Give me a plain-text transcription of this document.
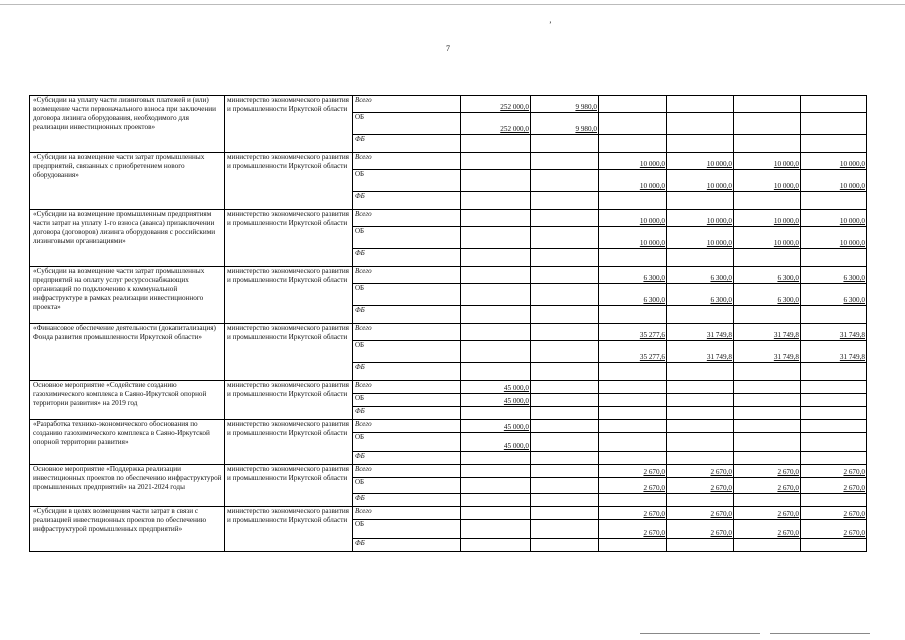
ʼ
7
«Субсидии на уплату части лизинговых платежей и (или) возмещение части первоначального взноса при заключении договора лизинга оборудования, необходимого для реализации инвестиционных проектов»	министерство экономического развития и промышленности Иркутской области	Всего	252 000,0	9 980,0				
		ОБ	252 000,0	9 980,0				
		ФБ						
«Субсидии на возмещение части затрат промышленных предприятий, связанных с приобретением нового оборудования»	министерство экономического развития и промышленности Иркутской области	Всего			10 000,0	10 000,0	10 000,0	10 000,0
		ОБ			10 000,0	10 000,0	10 000,0	10 000,0
		ФБ						
«Субсидии на возмещение промышленным предприятиям части затрат на уплату 1-го взноса (аванса) призаключении договора (договоров) лизинга оборудования с российскими лизинговыми организациями»	министерство экономического развития и промышленности Иркутской области	Всего			10 000,0	10 000,0	10 000,0	10 000,0
		ОБ			10 000,0	10 000,0	10 000,0	10 000,0
		ФБ						
«Субсидии на возмещение части затрат промышленных предприятий на оплату услуг ресурсоснабжающих организаций по подключению к коммунальной инфраструктуре в рамках реализации инвестиционного проекта»	министерство экономического развития и промышленности Иркутской области	Всего			6 300,0	6 300,0	6 300,0	6 300,0
		ОБ			6 300,0	6 300,0	6 300,0	6 300,0
		ФБ						
«Финансовое обеспечение деятельности (докапитализация) Фонда развития промышленности Иркутской области»	министерство экономического развития и промышленности Иркутской области	Всего			35 277,6	31 749,8	31 749,8	31 749,8
		ОБ			35 277,6	31 749,8	31 749,8	31 749,8
		ФБ						
Основное мероприятие «Содействие созданию газохимического комплекса в Саяно-Иркутской опорной территории развития» на 2019 год	министерство экономического развития и промышленности Иркутской области	Всего	45 000,0					
		ОБ	45 000,0					
		ФБ						
«Разработка технико-экономического обоснования по созданию газохимического комплекса в Саяно-Иркутской опорной территории развития»	министерство экономического развития и промышленности Иркутской области	Всего	45 000,0					
		ОБ	45 000,0					
		ФБ						
Основное мероприятие «Поддержка реализации инвестиционных проектов по обеспечению инфраструктурой промышленных предприятий» на 2021-2024 годы	министерство экономического развития и промышленности Иркутской области	Всего			2 670,0	2 670,0	2 670,0	2 670,0
		ОБ			2 670,0	2 670,0	2 670,0	2 670,0
		ФБ						
«Субсидии в целях возмещения части затрат в связи с реализацией инвестиционных проектов по обеспечению инфраструктурой промышленных предприятий»	министерство экономического развития и промышленности Иркутской области	Всего			2 670,0	2 670,0	2 670,0	2 670,0
		ОБ			2 670,0	2 670,0	2 670,0	2 670,0
		ФБ						
